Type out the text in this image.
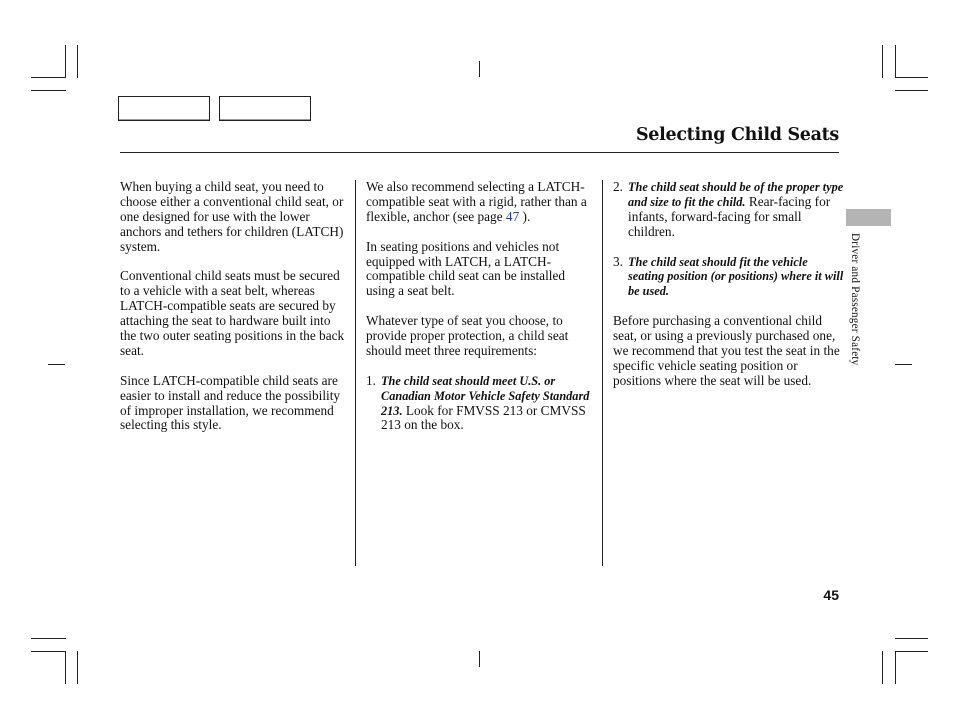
Selecting Child Seats

When buying a child seat, you need to choose either a conventional child seat, or one designed for use with the lower anchors and tethers for children (LATCH) system.

Conventional child seats must be secured to a vehicle with a seat belt, whereas LATCH-compatible seats are secured by attaching the seat to hardware built into the two outer seating positions in the back seat.

Since LATCH-compatible child seats are easier to install and reduce the possibility of improper installation, we recommend selecting this style.

We also recommend selecting a LATCH-compatible seat with a rigid, rather than a flexible, anchor (see page 47 ).

In seating positions and vehicles not equipped with LATCH, a LATCH-compatible child seat can be installed using a seat belt.

Whatever type of seat you choose, to provide proper protection, a child seat should meet three requirements:

1. The child seat should meet U.S. or Canadian Motor Vehicle Safety Standard 213. Look for FMVSS 213 or CMVSS 213 on the box.
2. The child seat should be of the proper type and size to fit the child. Rear-facing for infants, forward-facing for small children.
3. The child seat should fit the vehicle seating position (or positions) where it will be used.

Before purchasing a conventional child seat, or using a previously purchased one, we recommend that you test the seat in the specific vehicle seating position or positions where the seat will be used.

Driver and Passenger Safety
45
